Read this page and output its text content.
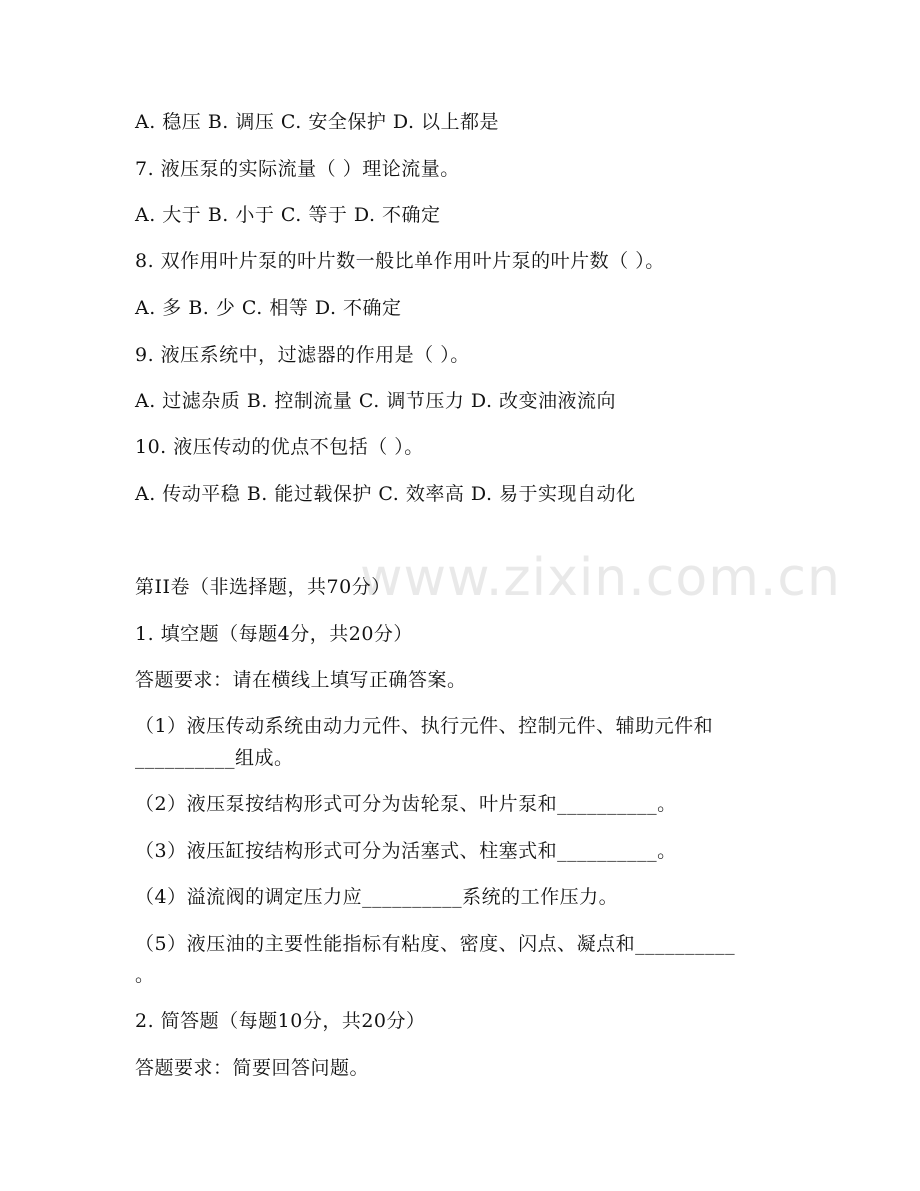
www.zixin.com.cn
A. 稳压 B. 调压 C. 安全保护 D. 以上都是
7. 液压泵的实际流量（ ）理论流量。
A. 大于 B. 小于 C. 等于 D. 不确定
8. 双作用叶片泵的叶片数一般比单作用叶片泵的叶片数（ ）。
A. 多 B. 少 C. 相等 D. 不确定
9. 液压系统中，过滤器的作用是（ ）。
A. 过滤杂质 B. 控制流量 C. 调节压力 D. 改变油液流向
10. 液压传动的优点不包括（ ）。
A. 传动平稳 B. 能过载保护 C. 效率高 D. 易于实现自动化
第II卷（非选择题，共70分）
1. 填空题（每题4分，共20分）
答题要求：请在横线上填写正确答案。
（1）液压传动系统由动力元件、执行元件、控制元件、辅助元件和
__________组成。
（2）液压泵按结构形式可分为齿轮泵、叶片泵和__________。
（3）液压缸按结构形式可分为活塞式、柱塞式和__________。
（4）溢流阀的调定压力应__________系统的工作压力。
（5）液压油的主要性能指标有粘度、密度、闪点、凝点和__________
。
2. 简答题（每题10分，共20分）
答题要求：简要回答问题。
